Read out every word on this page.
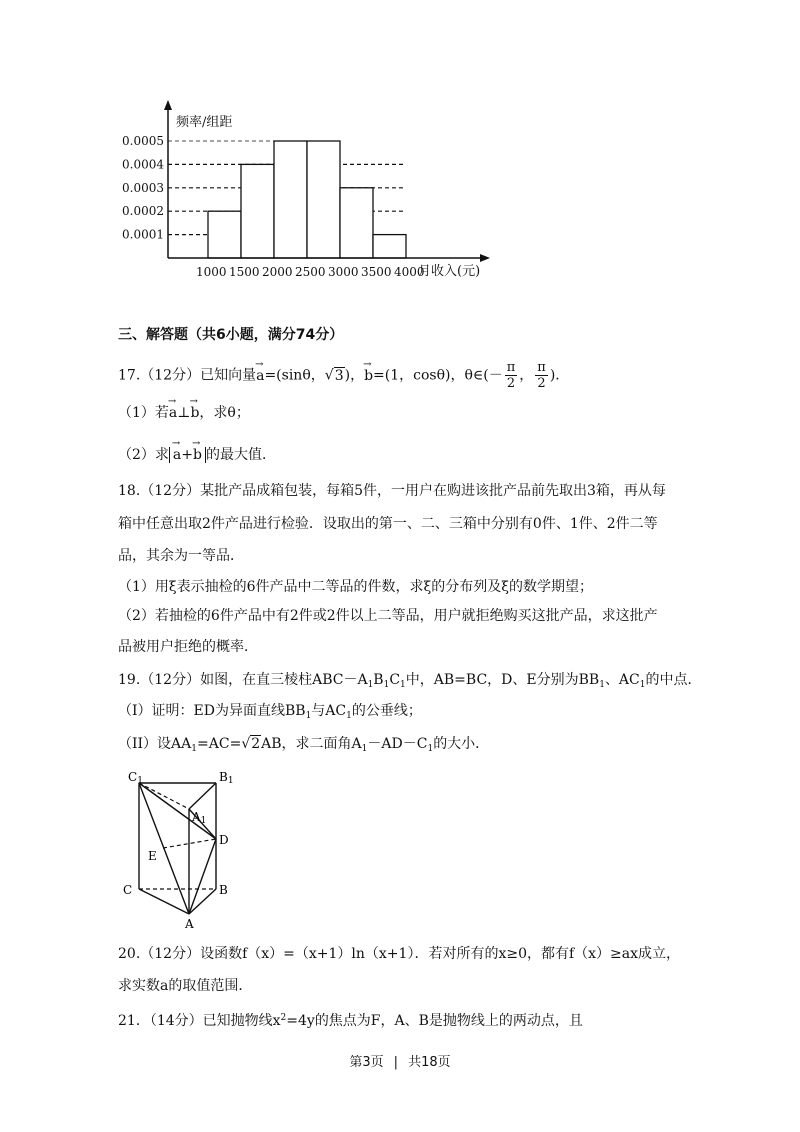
频率/组距
月收入(元)
0.0001
0.0002
0.0003
0.0004
0.0005
1000 1500 2000 2500 3000 3500 4000
三、解答题（共6小题，满分74分）
17.（12分）已知向量→ a=(sinθ，√3)，→ b=(1，cosθ)，θ∈(－ $\frac{\pi}{2}$ ， $\frac{\pi}{2}$ )．
（1）若→ a⊥→ b，求θ；
（2）求→ a+→ b 的最大值．
18.（12分）某批产品成箱包装，每箱5件，一用户在购进该批产品前先取出3箱，再从每
箱中任意出取2件产品进行检验．设取出的第一、二、三箱中分别有0件、1件、2件二等
品，其余为一等品．
（1）用ξ表示抽检的6件产品中二等品的件数，求ξ的分布列及ξ的数学期望；
（2）若抽检的6件产品中有2件或2件以上二等品，用户就拒绝购买这批产品，求这批产
品被用户拒绝的概率．
19.（12分）如图，在直三棱柱$ABC-A_1B_1C_1$中，AB=BC，D、E分别为$BB_1$、$AC_1$的中点．
（I）证明：ED为异面直线$BB_1$与$AC_1$的公垂线；
（II）设$AA_1=AC=√2AB$，求二面角$A_1-AD-C_1$的大小．
C1	B1
A1
D
E
C	B
A
20.（12分）设函数f（x）=（x+1）ln（x+1）．若对所有的x≥0，都有f（x）≥ax成立，
求实数a的取值范围．
21．（14分）已知抛物线$x^2=4y$的焦点为F，A、B是抛物线上的两动点，且
第3页 | 共18页
